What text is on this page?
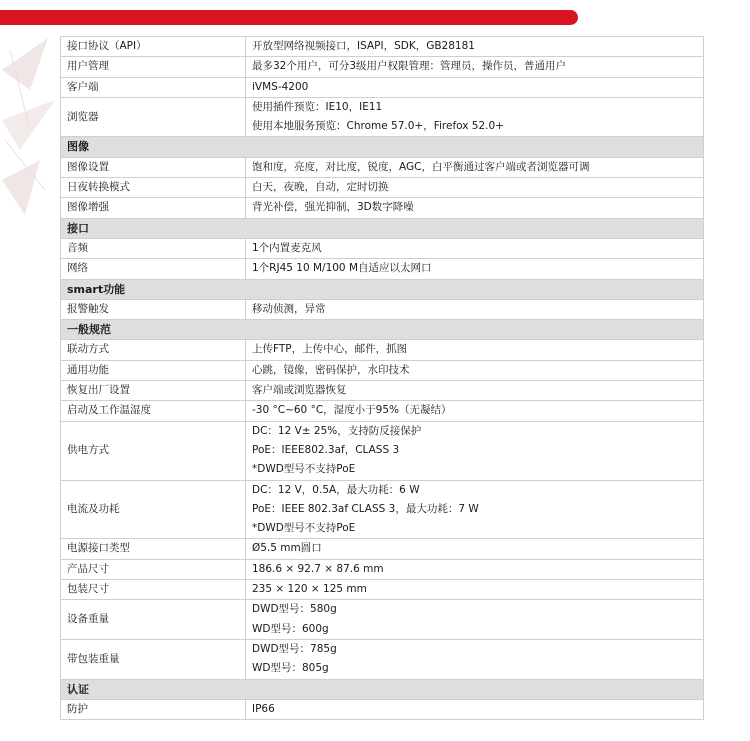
接口协议（API）	开放型网络视频接口，ISAPI，SDK，GB28181

用户管理	最多32个用户，可分3级用户权限管理：管理员，操作员，普通用户

客户端	iVMS-4200

浏览器	使用插件预览：IE10，IE11
使用本地服务预览：Chrome 57.0+，Firefox 52.0+

图像	
图像设置	饱和度，亮度，对比度，锐度，AGC，白平衡通过客户端或者浏览器可调

日夜转换模式	白天，夜晚，自动，定时切换

图像增强	背光补偿，强光抑制，3D数字降噪

接口	
音频	1个内置麦克风

网络	1个RJ45 10 M/100 M自适应以太网口

smart功能	
报警触发	移动侦测，异常

一般规范	
联动方式	上传FTP，上传中心，邮件，抓图

通用功能	心跳，镜像，密码保护，水印技术

恢复出厂设置	客户端或浏览器恢复

启动及工作温湿度	-30 °C~60 °C，湿度小于95%（无凝结）

供电方式	DC：12 V± 25%，支持防反接保护
PoE：IEEE802.3af，CLASS 3
*DWD型号不支持PoE

电流及功耗	DC：12 V，0.5A，最大功耗：6 W
PoE：IEEE 802.3af CLASS 3，最大功耗：7 W
*DWD型号不支持PoE

电源接口类型	Ø5.5 mm圆口

产品尺寸	186.6 × 92.7 × 87.6 mm

包装尺寸	235 × 120 × 125 mm

设备重量	DWD型号：580g
WD型号：600g

带包装重量	DWD型号：785g
WD型号：805g

认证	
防护	IP66
